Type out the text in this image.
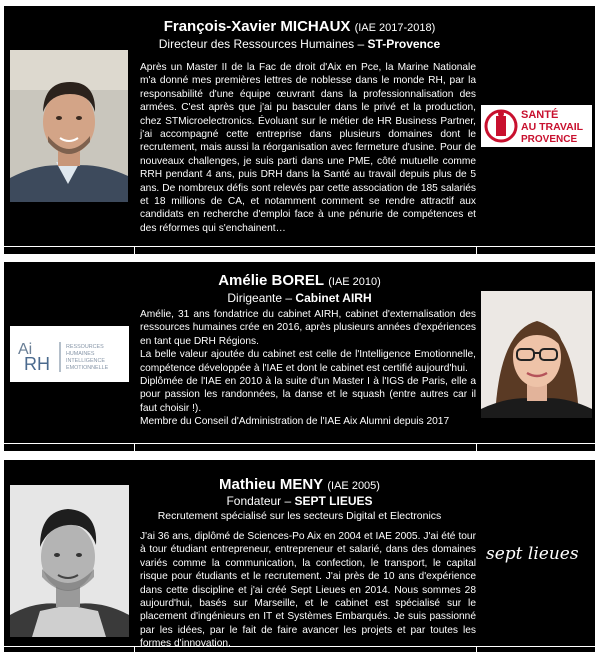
François-Xavier MICHAUX (IAE 2017-2018)
Directeur des Ressources Humaines – ST-Provence
Après un Master II de la Fac de droit d'Aix en Pce, la Marine Nationale m'a donné mes premières lettres de noblesse dans le monde RH, par la responsabilité d'une équipe œuvrant dans la professionnalisation des armées. C'est après que j'ai pu basculer dans le privé et la production, chez STMicroelectronics. Évoluant sur le métier de HR Business Partner, j'ai accompagné cette entreprise dans plusieurs domaines dont le recrutement, mais aussi la réorganisation avec fermeture d'usine. Pour de nouveaux challenges, je suis parti dans une PME, côté mutuelle comme RRH pendant 4 ans, puis DRH dans la Santé au travail depuis plus de 5 ans. De nombreux défis sont relevés par cette association de 185 salariés et 18 millions de CA, et notamment comment se rendre attractif aux candidats en recherche d'emploi face à une pénurie de compétences et des réformes qui s'enchainent…
SANTÉ
AU TRAVAIL
PROVENCE
Amélie BOREL (IAE 2010)
Dirigeante – Cabinet AIRH
Ai
RH
RESSOURCES
HUMAINES
INTELLIGENCE
EMOTIONNELLE
Amélie, 31 ans fondatrice du cabinet AIRH, cabinet d'externalisation des ressources humaines crée en 2016, après plusieurs années d'expériences en tant que DRH Régions.
La belle valeur ajoutée du cabinet est celle de l'Intelligence Emotionnelle, compétence développée à l'IAE et dont le cabinet est certifié aujourd'hui.
Diplômée de l'IAE en 2010 à la suite d'un Master I à l'IGS de Paris, elle a pour passion les randonnées, la danse et le squash (entre autres car il faut choisir !).
Membre du Conseil d'Administration de l'IAE Aix Alumni depuis 2017
Mathieu MENY (IAE 2005)
Fondateur – SEPT LIEUES
Recrutement spécialisé sur les secteurs Digital et Electronics
J'ai 36 ans, diplômé de Sciences-Po Aix en 2004 et IAE 2005. J'ai été tour à tour étudiant entrepreneur, entrepreneur et salarié, dans des domaines variés comme la communication, la confection, le transport, le capital risque pour étudiants et le recrutement. J'ai près de 10 ans d'expérience dans cette discipline et j'ai créé Sept Lieues en 2014. Nous sommes 28 aujourd'hui, basés sur Marseille, et le cabinet est spécialisé sur le placement d'ingénieurs en IT et Systèmes Embarqués. Je suis passionné par les idées, par le fait de faire avancer les projets et par toutes les formes d'innovation.
sept lieues
